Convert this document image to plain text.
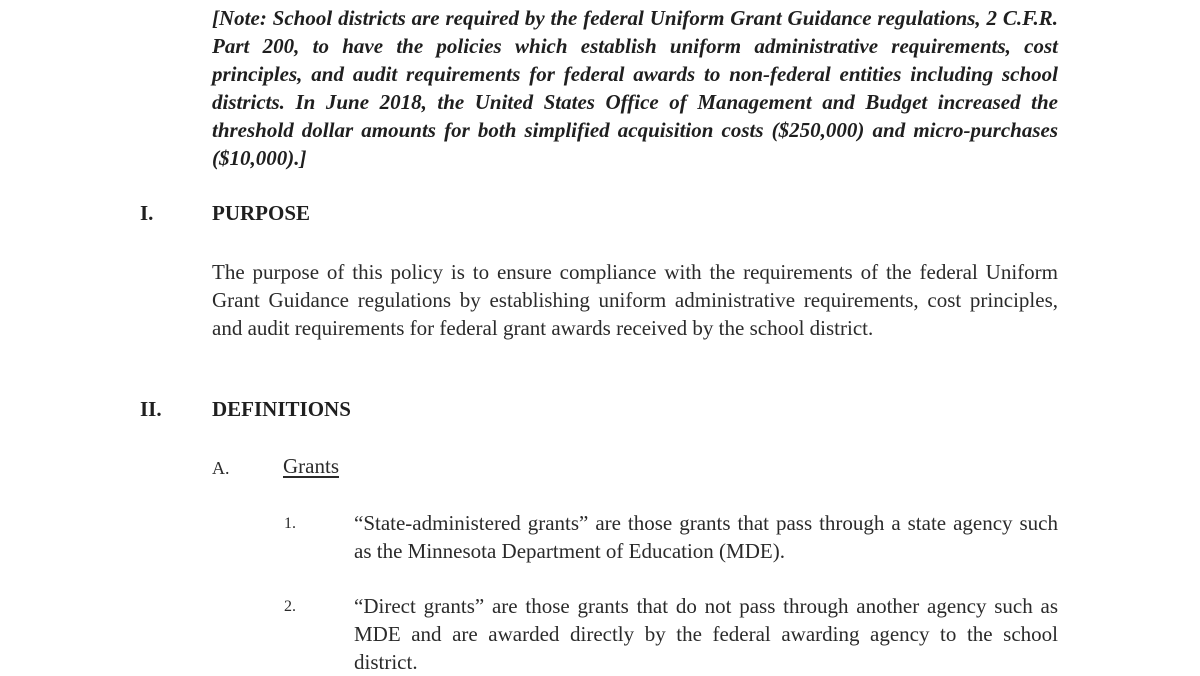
[Note: School districts are required by the federal Uniform Grant Guidance regulations, 2 C.F.R. Part 200, to have the policies which establish uniform administrative requirements, cost principles, and audit requirements for federal awards to non-federal entities including school districts. In June 2018, the United States Office of Management and Budget increased the threshold dollar amounts for both simplified acquisition costs ($250,000) and micro-purchases ($10,000).]
I.	PURPOSE
The purpose of this policy is to ensure compliance with the requirements of the federal Uniform Grant Guidance regulations by establishing uniform administrative requirements, cost principles, and audit requirements for federal grant awards received by the school district.
II. DEFINITIONS
A.	Grants
1.	“State-administered grants” are those grants that pass through a state agency such as the Minnesota Department of Education (MDE).
2.	“Direct grants” are those grants that do not pass through another agency such as MDE and are awarded directly by the federal awarding agency to the school district.
